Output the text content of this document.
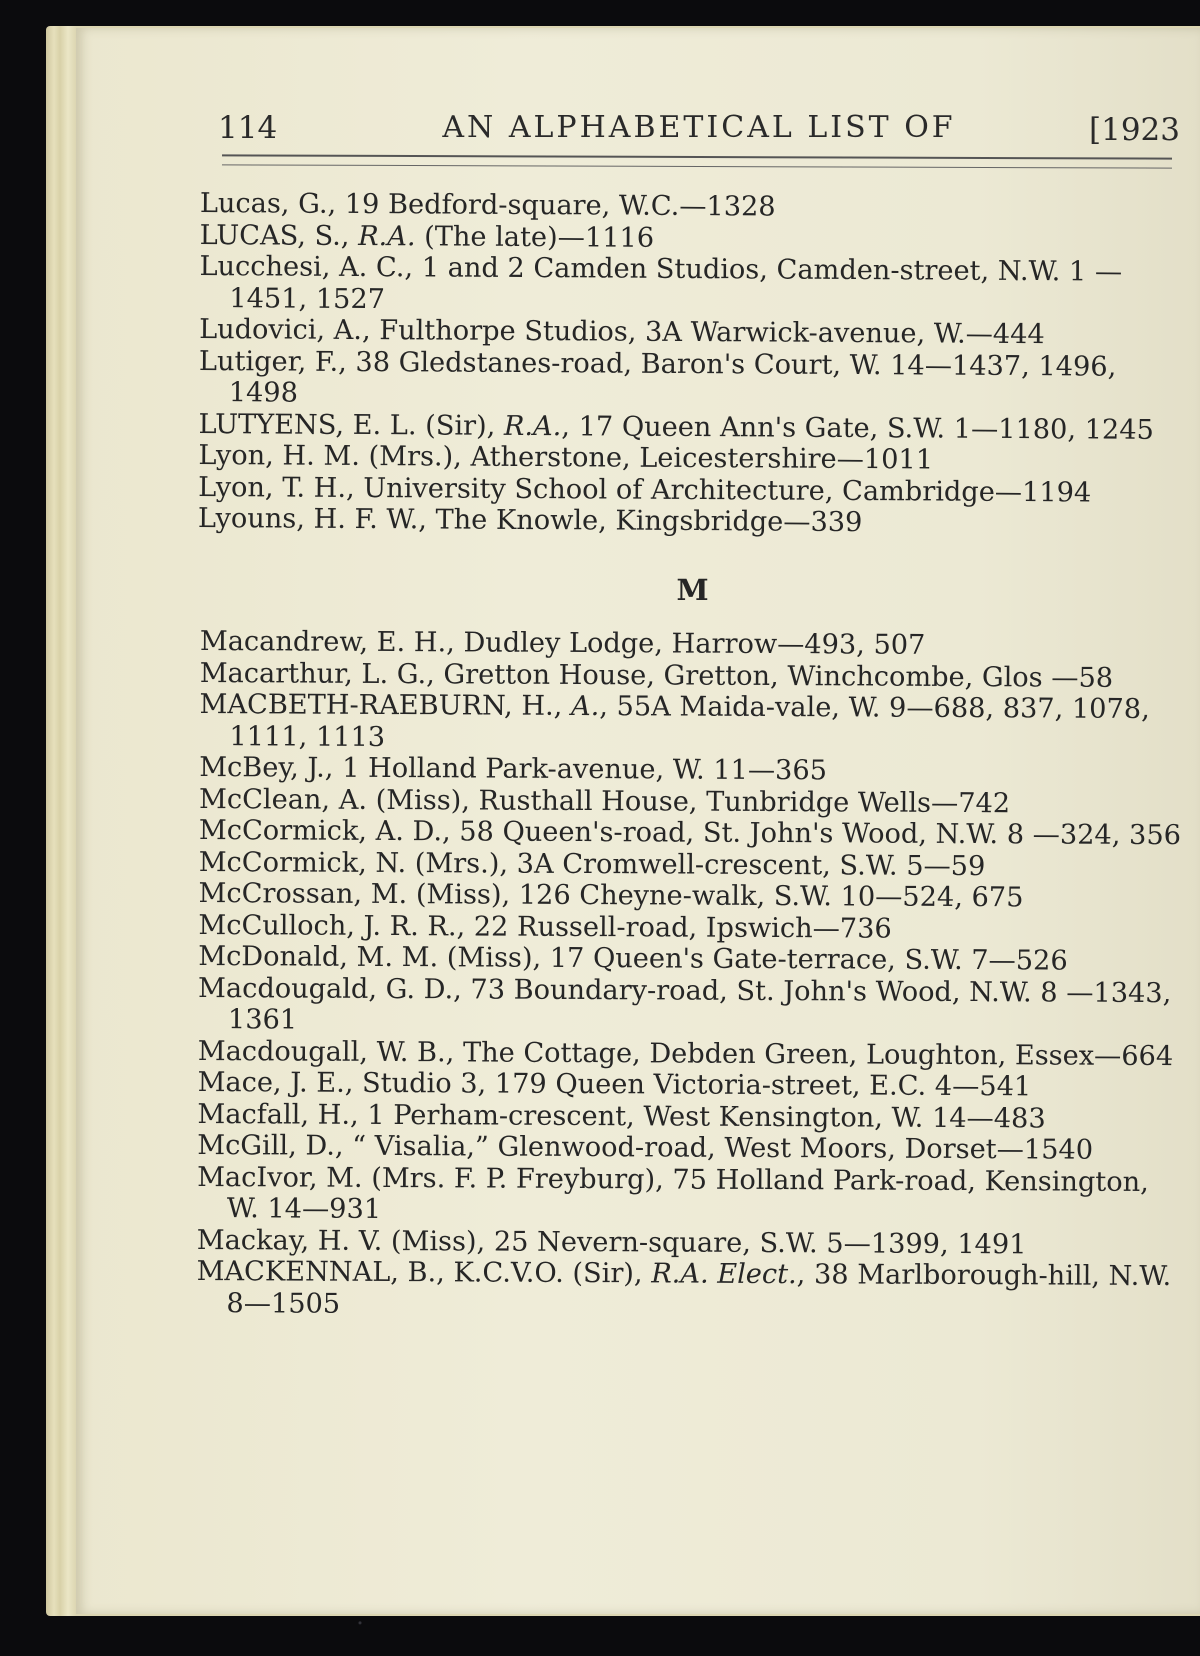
114	AN ALPHABETICAL LIST OF	[1923

Lucas, G., 19 Bedford-square, W.C.—1328

LUCAS, S., R.A. (The late)—1116

Lucchesi, A. C., 1 and 2 Camden Studios, Camden-street, N.W. 1 —1451, 1527

Ludovici, A., Fulthorpe Studios, 3A Warwick-avenue, W.—444

Lutiger, F., 38 Gledstanes-road, Baron's Court, W. 14—1437, 1496, 1498

LUTYENS, E. L. (Sir), R.A., 17 Queen Ann's Gate, S.W. 1—1180, 1245

Lyon, H. M. (Mrs.), Atherstone, Leicestershire—1011

Lyon, T. H., University School of Architecture, Cambridge—1194

Lyouns, H. F. W., The Knowle, Kingsbridge—339

M

Macandrew, E. H., Dudley Lodge, Harrow—493, 507

Macarthur, L. G., Gretton House, Gretton, Winchcombe, Glos —58

MACBETH-RAEBURN, H., A., 55A Maida-vale, W. 9—688, 837, 1078, 1111, 1113

McBey, J., 1 Holland Park-avenue, W. 11—365

McClean, A. (Miss), Rusthall House, Tunbridge Wells—742

McCormick, A. D., 58 Queen's-road, St. John's Wood, N.W. 8 —324, 356

McCormick, N. (Mrs.), 3A Cromwell-crescent, S.W. 5—59

McCrossan, M. (Miss), 126 Cheyne-walk, S.W. 10—524, 675

McCulloch, J. R. R., 22 Russell-road, Ipswich—736

McDonald, M. M. (Miss), 17 Queen's Gate-terrace, S.W. 7—526

Macdougald, G. D., 73 Boundary-road, St. John's Wood, N.W. 8 —1343, 1361

Macdougall, W. B., The Cottage, Debden Green, Loughton, Essex—664

Mace, J. E., Studio 3, 179 Queen Victoria-street, E.C. 4—541

Macfall, H., 1 Perham-crescent, West Kensington, W. 14—483

McGill, D., “ Visalia,” Glenwood-road, West Moors, Dorset—1540

MacIvor, M. (Mrs. F. P. Freyburg), 75 Holland Park-road, Kensington, W. 14—931

Mackay, H. V. (Miss), 25 Nevern-square, S.W. 5—1399, 1491

MACKENNAL, B., K.C.V.O. (Sir), R.A. Elect., 38 Marlborough-hill, N.W. 8—1505
